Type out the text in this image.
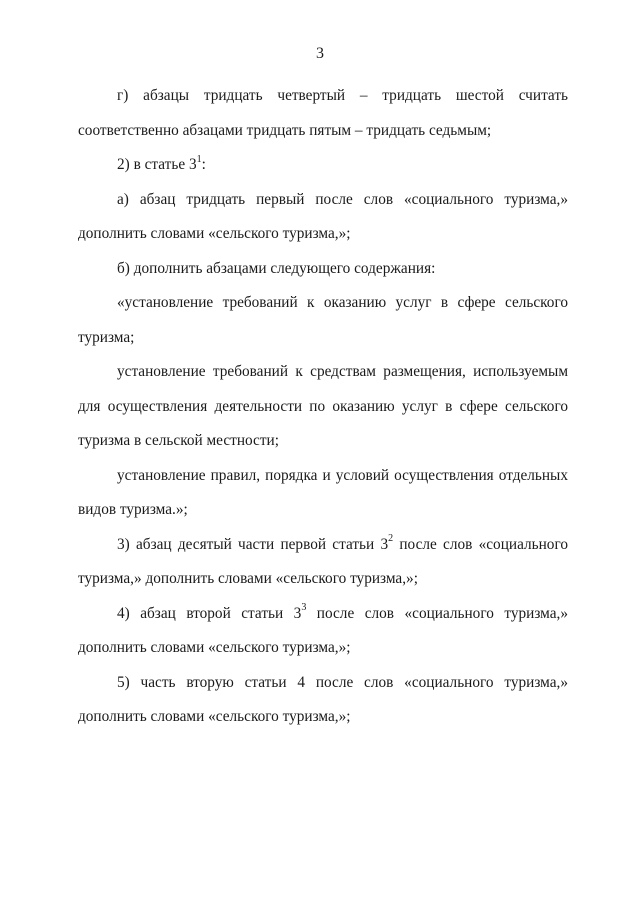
3

г) абзацы тридцать четвертый – тридцать шестой считать соответственно абзацами тридцать пятым – тридцать седьмым;

2) в статье $3^1$:

а) абзац тридцать первый после слов «социального туризма,» дополнить словами «сельского туризма,»;

б) дополнить абзацами следующего содержания:

«установление требований к оказанию услуг в сфере сельского туризма;

установление требований к средствам размещения, используемым для осуществления деятельности по оказанию услуг в сфере сельского туризма в сельской местности;

установление правил, порядка и условий осуществления отдельных видов туризма.»;

3) абзац десятый части первой статьи $3^2$ после слов «социального туризма,» дополнить словами «сельского туризма,»;

4) абзац второй статьи $3^3$ после слов «социального туризма,» дополнить словами «сельского туризма,»;

5) часть вторую статьи 4 после слов «социального туризма,» дополнить словами «сельского туризма,»;
